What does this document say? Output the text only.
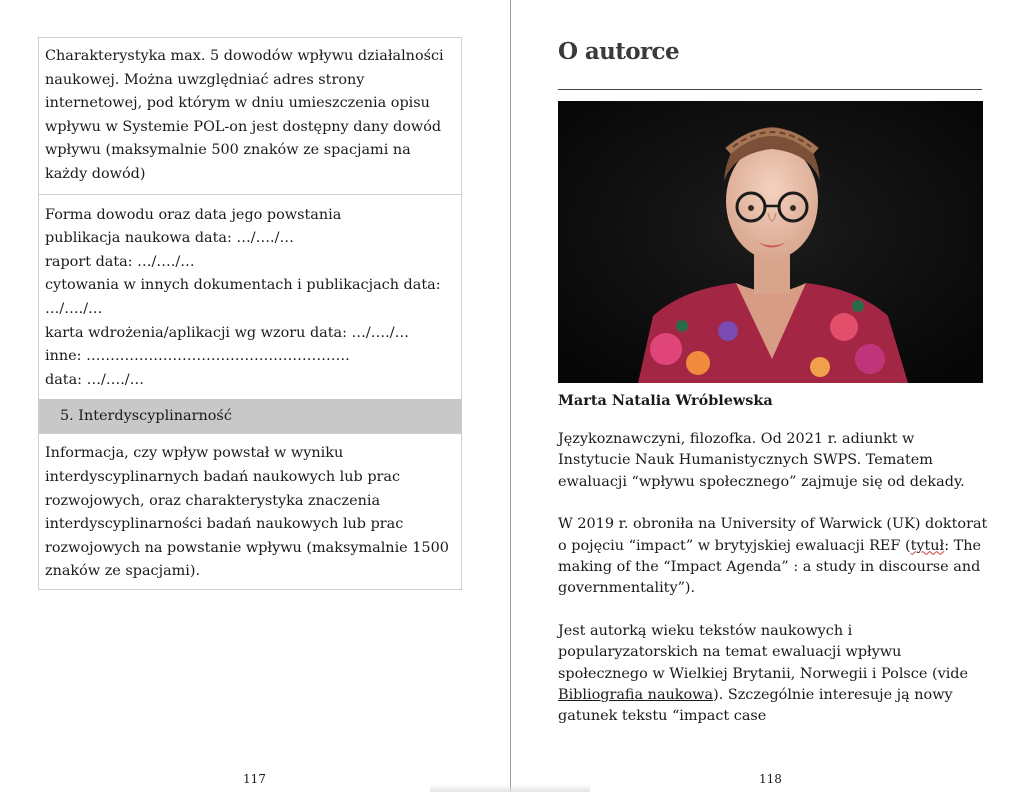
Charakterystyka max. 5 dowodów wpływu działalności naukowej. Można uwzględniać adres strony internetowej, pod którym w dniu umieszczenia opisu wpływu w Systemie POL-on jest dostępny dany dowód wpływu (maksymalnie 500 znaków ze spacjami na każdy dowód)

Forma dowodu oraz data jego powstania

publikacja naukowa data: …/…./…

raport data: …/…./…

cytowania w innych dokumentach i publikacjach data:

…/…./…

karta wdrożenia/aplikacji wg wzoru data: …/…./…

inne: ……………………………………………….

data: …/…./…

5. Interdyscyplinarność

Informacja, czy wpływ powstał w wyniku interdyscyplinarnych badań naukowych lub prac rozwojowych, oraz charakterystyka znaczenia interdyscyplinarności badań naukowych lub prac rozwojowych na powstanie wpływu (maksymalnie 1500 znaków ze spacjami).

117
O autorce
Marta Natalia Wróblewska

Językoznawczyni, filozofka. Od 2021 r. adiunkt w Instytucie Nauk Humanistycznych SWPS. Tematem ewaluacji “wpływu społecznego” zajmuje się od dekady.

W 2019 r. obroniła na University of Warwick (UK) doktorat o pojęciu “impact” w brytyjskiej ewaluacji REF (tytuł: The making of the “Impact Agenda” : a study in discourse and governmentality”).

Jest autorką wieku tekstów naukowych i popularyzatorskich na temat ewaluacji wpływu społecznego w Wielkiej Brytanii, Norwegii i Polsce (vide Bibliografia naukowa). Szczególnie interesuje ją nowy gatunek tekstu “impact case

118
